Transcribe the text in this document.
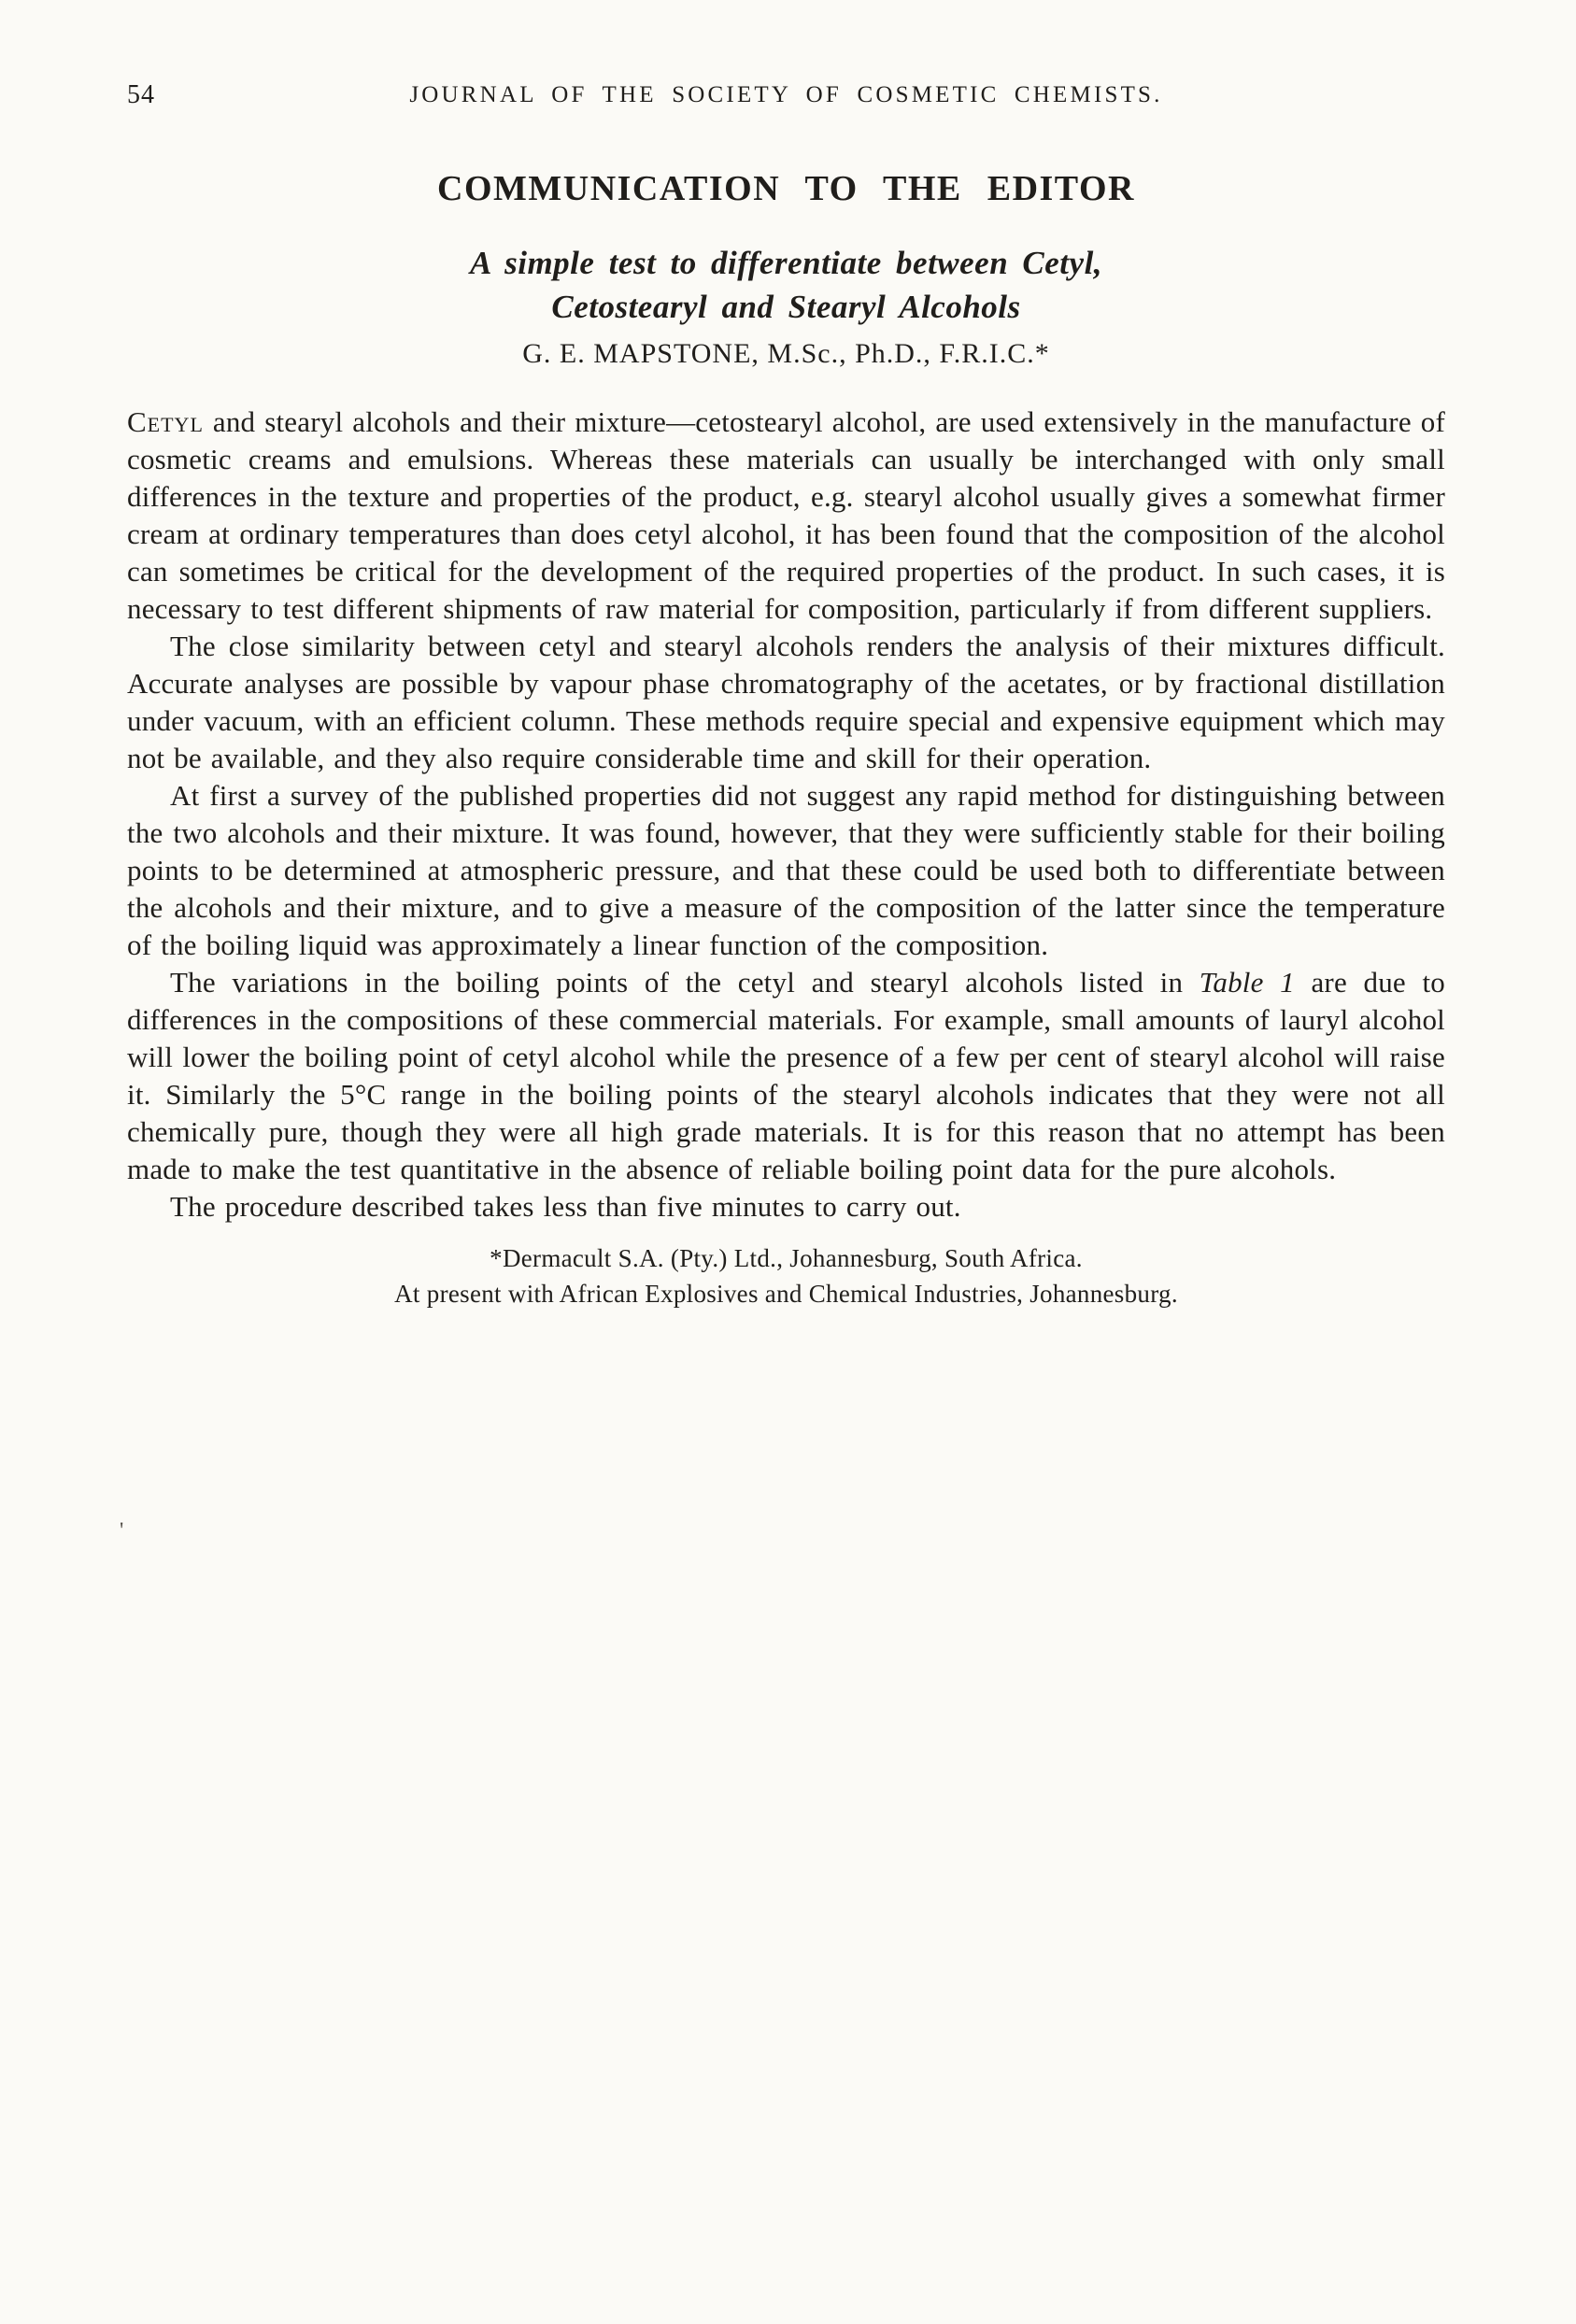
54	JOURNAL OF THE SOCIETY OF COSMETIC CHEMISTS.
COMMUNICATION TO THE EDITOR
A simple test to differentiate between Cetyl,
Cetostearyl and Stearyl Alcohols
G. E. MAPSTONE, M.Sc., Ph.D., F.R.I.C.*

Cetyl and stearyl alcohols and their mixture—cetostearyl alcohol, are used extensively in the manufacture of cosmetic creams and emulsions. Whereas these materials can usually be interchanged with only small differences in the texture and properties of the product, e.g. stearyl alcohol usually gives a somewhat firmer cream at ordinary temperatures than does cetyl alcohol, it has been found that the composition of the alcohol can sometimes be critical for the development of the required properties of the product. In such cases, it is necessary to test different shipments of raw material for composition, particularly if from different suppliers.

The close similarity between cetyl and stearyl alcohols renders the analysis of their mixtures difficult. Accurate analyses are possible by vapour phase chromatography of the acetates, or by fractional distillation under vacuum, with an efficient column. These methods require special and expensive equipment which may not be available, and they also require considerable time and skill for their operation.

At first a survey of the published properties did not suggest any rapid method for distinguishing between the two alcohols and their mixture. It was found, however, that they were sufficiently stable for their boiling points to be determined at atmospheric pressure, and that these could be used both to differentiate between the alcohols and their mixture, and to give a measure of the composition of the latter since the temperature of the boiling liquid was approximately a linear function of the composition.

The variations in the boiling points of the cetyl and stearyl alcohols listed in Table 1 are due to differences in the compositions of these commercial materials. For example, small amounts of lauryl alcohol will lower the boiling point of cetyl alcohol while the presence of a few per cent of stearyl alcohol will raise it. Similarly the 5°C range in the boiling points of the stearyl alcohols indicates that they were not all chemically pure, though they were all high grade materials. It is for this reason that no attempt has been made to make the test quantitative in the absence of reliable boiling point data for the pure alcohols.

The procedure described takes less than five minutes to carry out.

*Dermacult S.A. (Pty.) Ltd., Johannesburg, South Africa.
At present with African Explosives and Chemical Industries, Johannesburg.
'
